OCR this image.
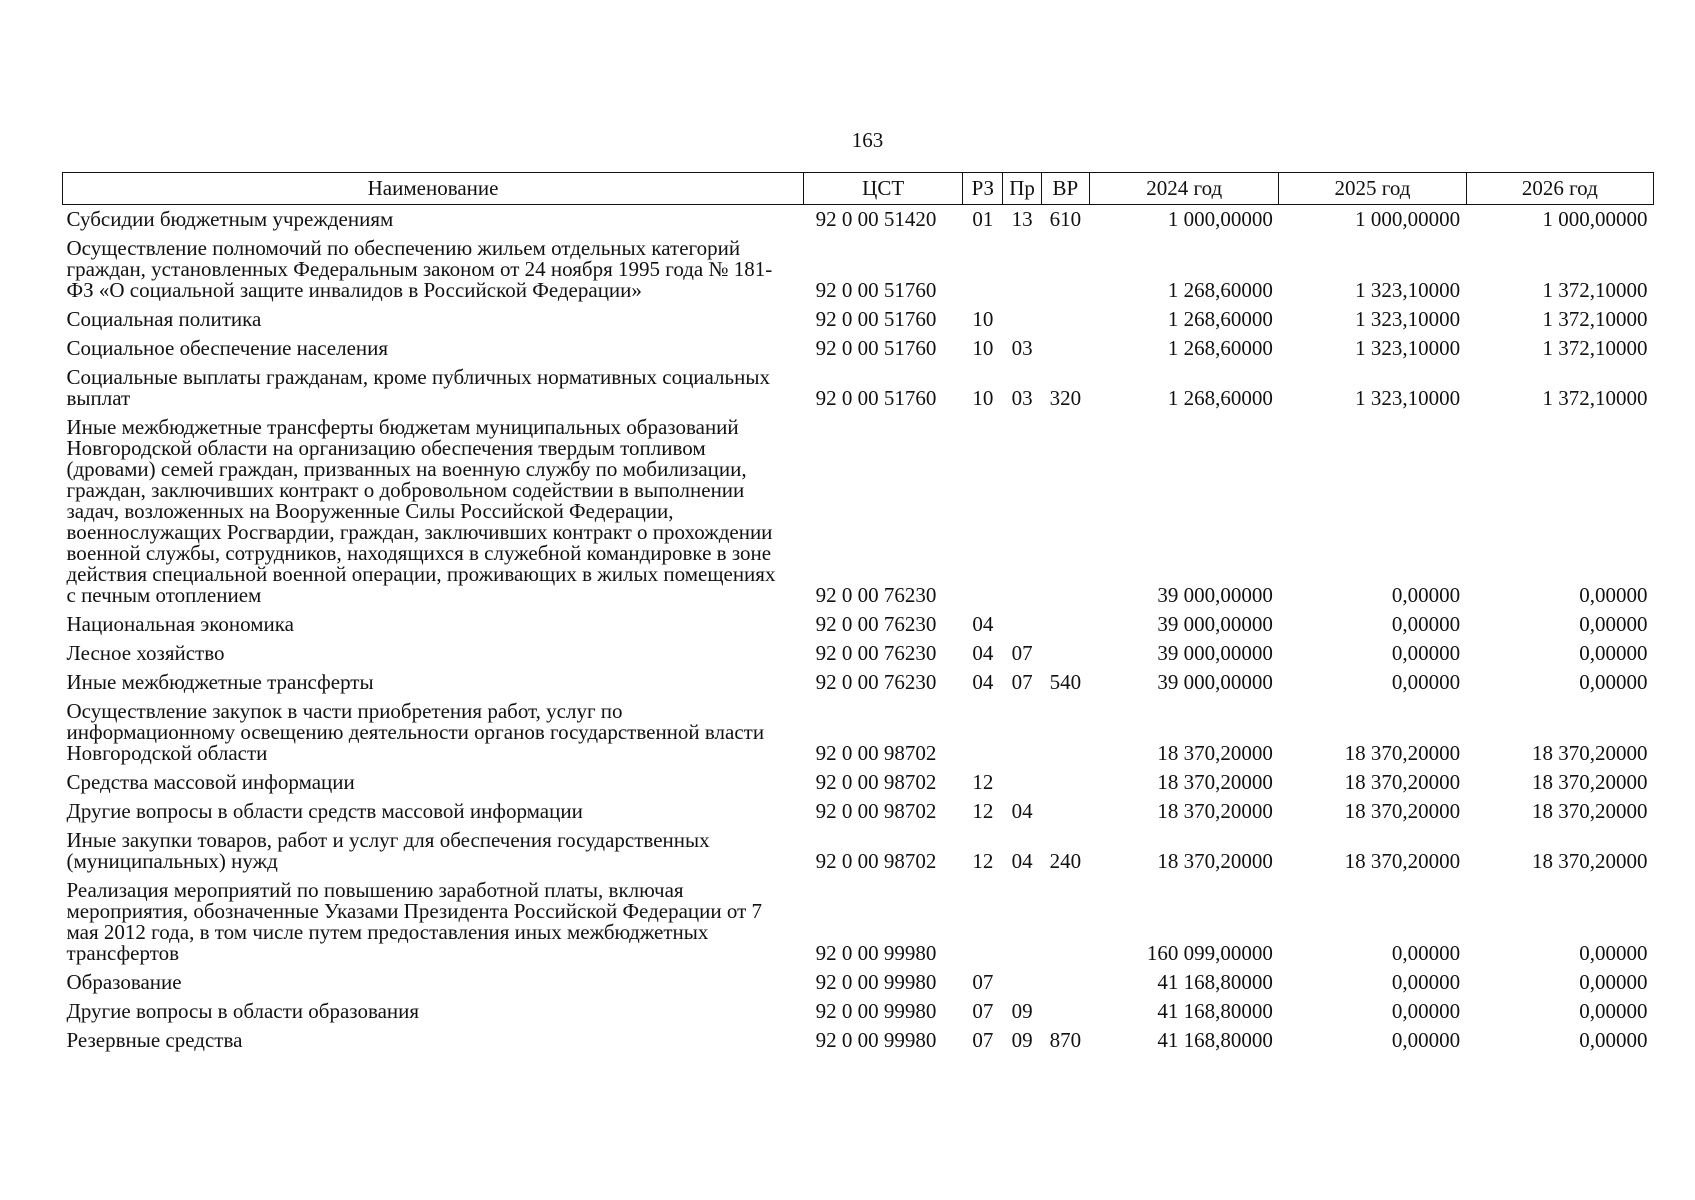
163
Наименование	ЦСТ	РЗ	Пр	ВР	2024 год	2025 год	2026 год
Субсидии бюджетным учреждениям	92 0 00 51420	01	13	610	1 000,00000	1 000,00000	1 000,00000
Осуществление полномочий по обеспечению жильем отдельных категорий граждан, установленных Федеральным законом от 24 ноября 1995 года № 181-ФЗ «О социальной защите инвалидов в Российской Федерации»	92 0 00 51760				1 268,60000	1 323,10000	1 372,10000
Социальная политика	92 0 00 51760	10			1 268,60000	1 323,10000	1 372,10000
Социальное обеспечение населения	92 0 00 51760	10	03		1 268,60000	1 323,10000	1 372,10000
Социальные выплаты гражданам, кроме публичных нормативных социальных выплат	92 0 00 51760	10	03	320	1 268,60000	1 323,10000	1 372,10000
Иные межбюджетные трансферты бюджетам муниципальных образований Новгородской области на организацию обеспечения твердым топливом (дровами) семей граждан, призванных на военную службу по мобилизации, граждан, заключивших контракт о добровольном содействии в выполнении задач, возложенных на Вооруженные Силы Российской Федерации, военнослужащих Росгвардии, граждан, заключивших контракт о прохождении военной службы, сотрудников, находящихся в служебной командировке в зоне действия специальной военной операции, проживающих в жилых помещениях с печным отоплением	92 0 00 76230				39 000,00000	0,00000	0,00000
Национальная экономика	92 0 00 76230	04			39 000,00000	0,00000	0,00000
Лесное хозяйство	92 0 00 76230	04	07		39 000,00000	0,00000	0,00000
Иные межбюджетные трансферты	92 0 00 76230	04	07	540	39 000,00000	0,00000	0,00000
Осуществление закупок в части приобретения работ, услуг по информационному освещению деятельности органов государственной власти Новгородской области	92 0 00 98702				18 370,20000	18 370,20000	18 370,20000
Средства массовой информации	92 0 00 98702	12			18 370,20000	18 370,20000	18 370,20000
Другие вопросы в области средств массовой информации	92 0 00 98702	12	04		18 370,20000	18 370,20000	18 370,20000
Иные закупки товаров, работ и услуг для обеспечения государственных (муниципальных) нужд	92 0 00 98702	12	04	240	18 370,20000	18 370,20000	18 370,20000
Реализация мероприятий по повышению заработной платы, включая мероприятия, обозначенные Указами Президента Российской Федерации от 7 мая 2012 года, в том числе путем предоставления иных межбюджетных трансфертов	92 0 00 99980				160 099,00000	0,00000	0,00000
Образование	92 0 00 99980	07			41 168,80000	0,00000	0,00000
Другие вопросы в области образования	92 0 00 99980	07	09		41 168,80000	0,00000	0,00000
Резервные средства	92 0 00 99980	07	09	870	41 168,80000	0,00000	0,00000
